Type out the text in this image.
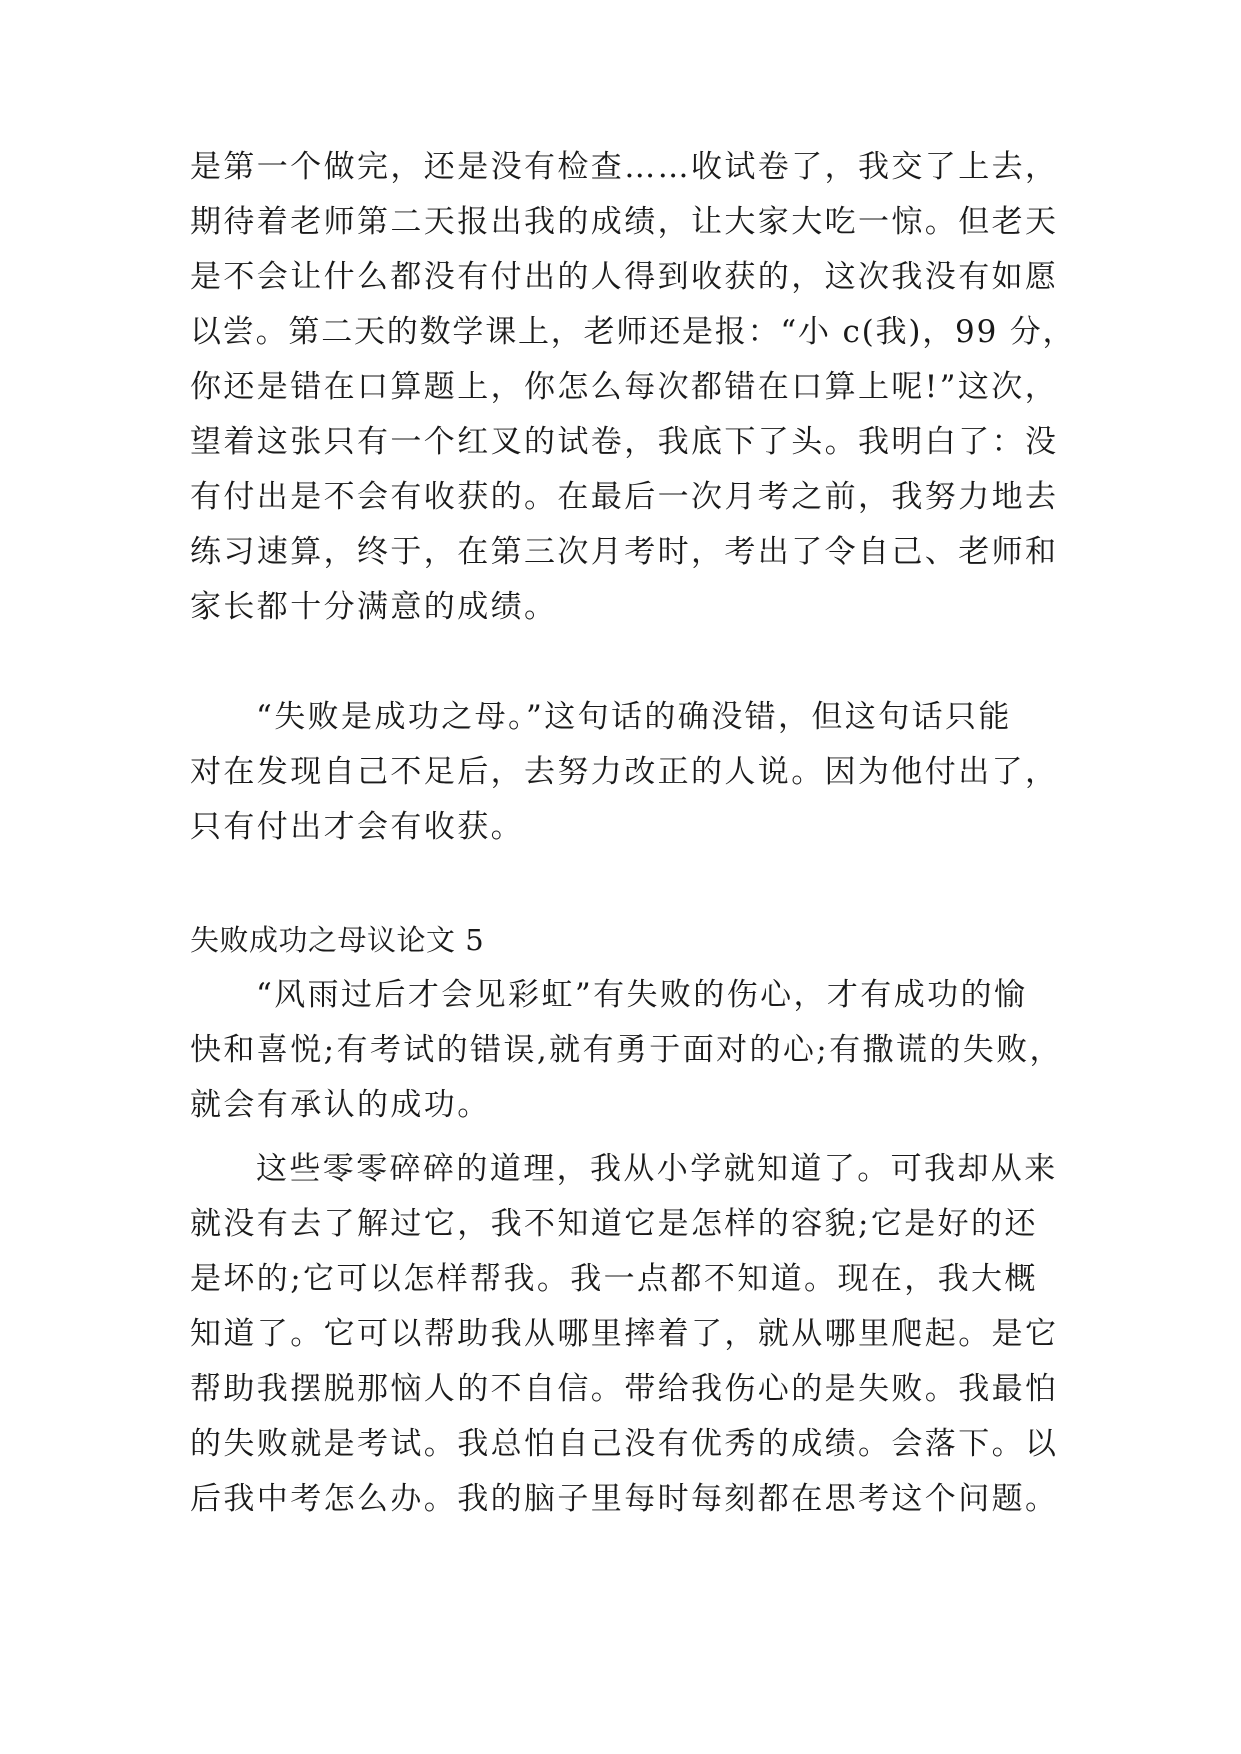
是第一个做完，还是没有检查……收试卷了，我交了上去，
期待着老师第二天报出我的成绩，让大家大吃一惊。但老天
是不会让什么都没有付出的人得到收获的，这次我没有如愿
以尝。第二天的数学课上，老师还是报：“小 c(我)，99 分，
你还是错在口算题上，你怎么每次都错在口算上呢!”这次，
望着这张只有一个红叉的试卷，我底下了头。我明白了：没
有付出是不会有收获的。在最后一次月考之前，我努力地去
练习速算，终于，在第三次月考时，考出了令自己、老师和
家长都十分满意的成绩。
“失败是成功之母。”这句话的确没错，但这句话只能
对在发现自己不足后，去努力改正的人说。因为他付出了，
只有付出才会有收获。
失败成功之母议论文 5
“风雨过后才会见彩虹”有失败的伤心，才有成功的愉
快和喜悦;有考试的错误,就有勇于面对的心;有撒谎的失败，
就会有承认的成功。
这些零零碎碎的道理，我从小学就知道了。可我却从来
就没有去了解过它，我不知道它是怎样的容貌;它是好的还
是坏的;它可以怎样帮我。我一点都不知道。现在，我大概
知道了。它可以帮助我从哪里摔着了，就从哪里爬起。是它
帮助我摆脱那恼人的不自信。带给我伤心的是失败。我最怕
的失败就是考试。我总怕自己没有优秀的成绩。会落下。以
后我中考怎么办。我的脑子里每时每刻都在思考这个问题。
